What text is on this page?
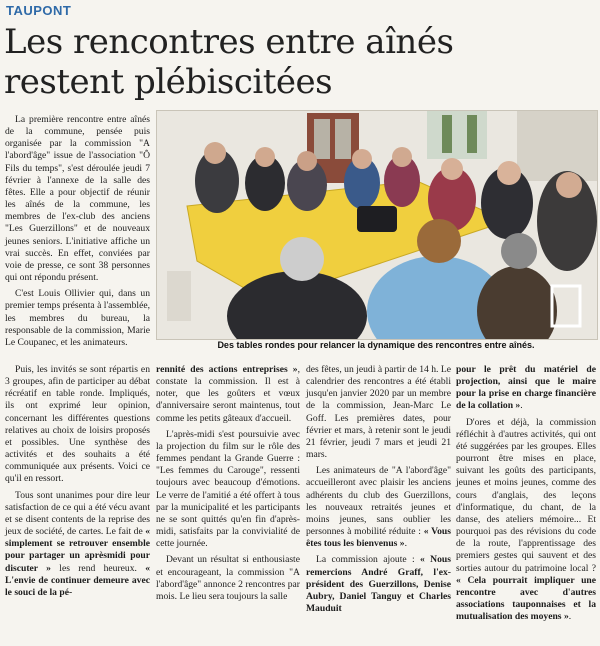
TAUPONT
Les rencontres entre aînés
restent plébiscitées

La première rencontre entre aînés de la commune, pensée puis organisée par la commission "A l'abord'âge" issue de l'association "Ô Fils du temps", s'est déroulée jeudi 7 février à l'annexe de la salle des fêtes. Elle a pour objectif de réunir les aînés de la commune, les membres de l'ex-club des anciens "Les Guerzillons" et de nouveaux jeunes seniors. L'initiative affiche un vrai succès. En effet, conviées par voie de presse, ce sont 38 personnes qui ont répondu présent.

C'est Louis Ollivier qui, dans un premier temps présenta à l'assemblée, les membres du bureau, la responsable de la commission, Marie Le Coupanec, et les animateurs.	Des tables rondes pour relancer la dynamique des rencontres entre aînés.

Puis, les invités se sont répartis en 3 groupes, afin de participer au débat récréatif en table ronde. Impliqués, ils ont exprimé leur opinion, concernant les différentes questions relatives au choix de loisirs proposés et possibles. Une synthèse des activités et des souhaits a été communiquée aux présents. Voici ce qu'il en ressort.

Tous sont unanimes pour dire leur satisfaction de ce qui a été vécu avant et se disent contents de la reprise des jeux de société, de cartes. Le fait de « simplement se retrouver ensemble pour partager un aprèsmidi pour discuter » les rend heureux. « L'envie de continuer demeure avec le souci de la pé-

rennité des actions entreprises », constate la commission. Il est à noter, que les goûters et vœux d'anniversaire seront maintenus, tout comme les petits gâteaux d'accueil.

L'après-midi s'est poursuivie avec la projection du film sur le rôle des femmes pendant la Grande Guerre : "Les femmes du Carouge", ressenti toujours avec beaucoup d'émotions. Le verre de l'amitié a été offert à tous par la municipalité et les participants ne se sont quittés qu'en fin d'après-midi, satisfaits par la convivialité de cette journée.

Devant un résultat si enthousiaste et encourageant, la commission "A l'abord'âge" annonce 2 rencontres par mois. Le lieu sera toujours la salle

des fêtes, un jeudi à partir de 14 h. Le calendrier des rencontres a été établi jusqu'en janvier 2020 par un membre de la commission, Jean-Marc Le Goff. Les premières dates, pour février et mars, à retenir sont le jeudi 21 février, jeudi 7 mars et jeudi 21 mars.

Les animateurs de "A l'abord'âge" accueilleront avec plaisir les anciens adhérents du club des Guerzillons, les nouveaux retraités jeunes et moins jeunes, sans oublier les personnes à mobilité réduite : « Vous êtes tous les bienvenus ».

La commission ajoute : « Nous remercions André Graff, l'ex-président des Guerzillons, Denise Aubry, Daniel Tanguy et Charles Mauduit

pour le prêt du matériel de projection, ainsi que le maire pour la prise en charge financière de la collation ».

D'ores et déjà, la commission réfléchit à d'autres activités, qui ont été suggérées par les groupes. Elles pourront être mises en place, suivant les goûts des participants, jeunes et moins jeunes, comme des cours d'anglais, des leçons d'informatique, du chant, de la danse, des ateliers mémoire... Et pourquoi pas des révisions du code de la route, l'apprentissage des premiers gestes qui sauvent et des sorties autour du patrimoine local ? « Cela pourrait impliquer une rencontre avec d'autres associations tauponnaises et la mutualisation des moyens ».
